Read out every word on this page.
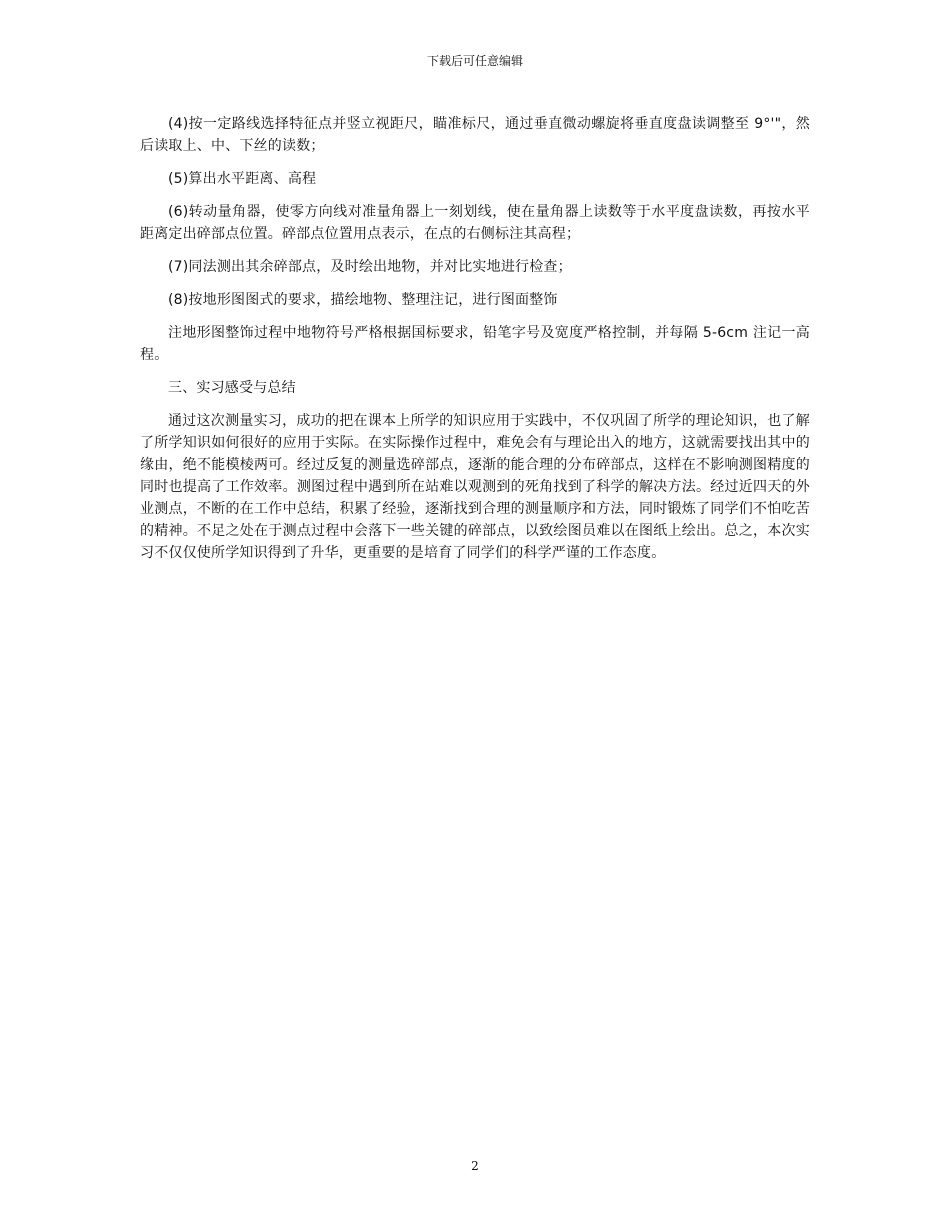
下载后可任意编辑

(4)按一定路线选择特征点并竖立视距尺，瞄准标尺，通过垂直微动螺旋将垂直度盘读调整至 9°'"，然后读取上、中、下丝的读数；

(5)算出水平距离、高程

(6)转动量角器，使零方向线对准量角器上一刻划线，使在量角器上读数等于水平度盘读数，再按水平距离定出碎部点位置。碎部点位置用点表示，在点的右侧标注其高程；

(7)同法测出其余碎部点，及时绘出地物，并对比实地进行检查；

(8)按地形图图式的要求，描绘地物、整理注记，进行图面整饰

注地形图整饰过程中地物符号严格根据国标要求，铅笔字号及宽度严格控制，并每隔 5-6cm 注记一高程。

三、实习感受与总结

通过这次测量实习，成功的把在课本上所学的知识应用于实践中，不仅巩固了所学的理论知识，也了解了所学知识如何很好的应用于实际。在实际操作过程中，难免会有与理论出入的地方，这就需要找出其中的缘由，绝不能模棱两可。经过反复的测量选碎部点，逐渐的能合理的分布碎部点，这样在不影响测图精度的同时也提高了工作效率。测图过程中遇到所在站难以观测到的死角找到了科学的解决方法。经过近四天的外业测点，不断的在工作中总结，积累了经验，逐渐找到合理的测量顺序和方法，同时锻炼了同学们不怕吃苦的精神。不足之处在于测点过程中会落下一些关键的碎部点，以致绘图员难以在图纸上绘出。总之，本次实习不仅仅使所学知识得到了升华，更重要的是培育了同学们的科学严谨的工作态度。

2
